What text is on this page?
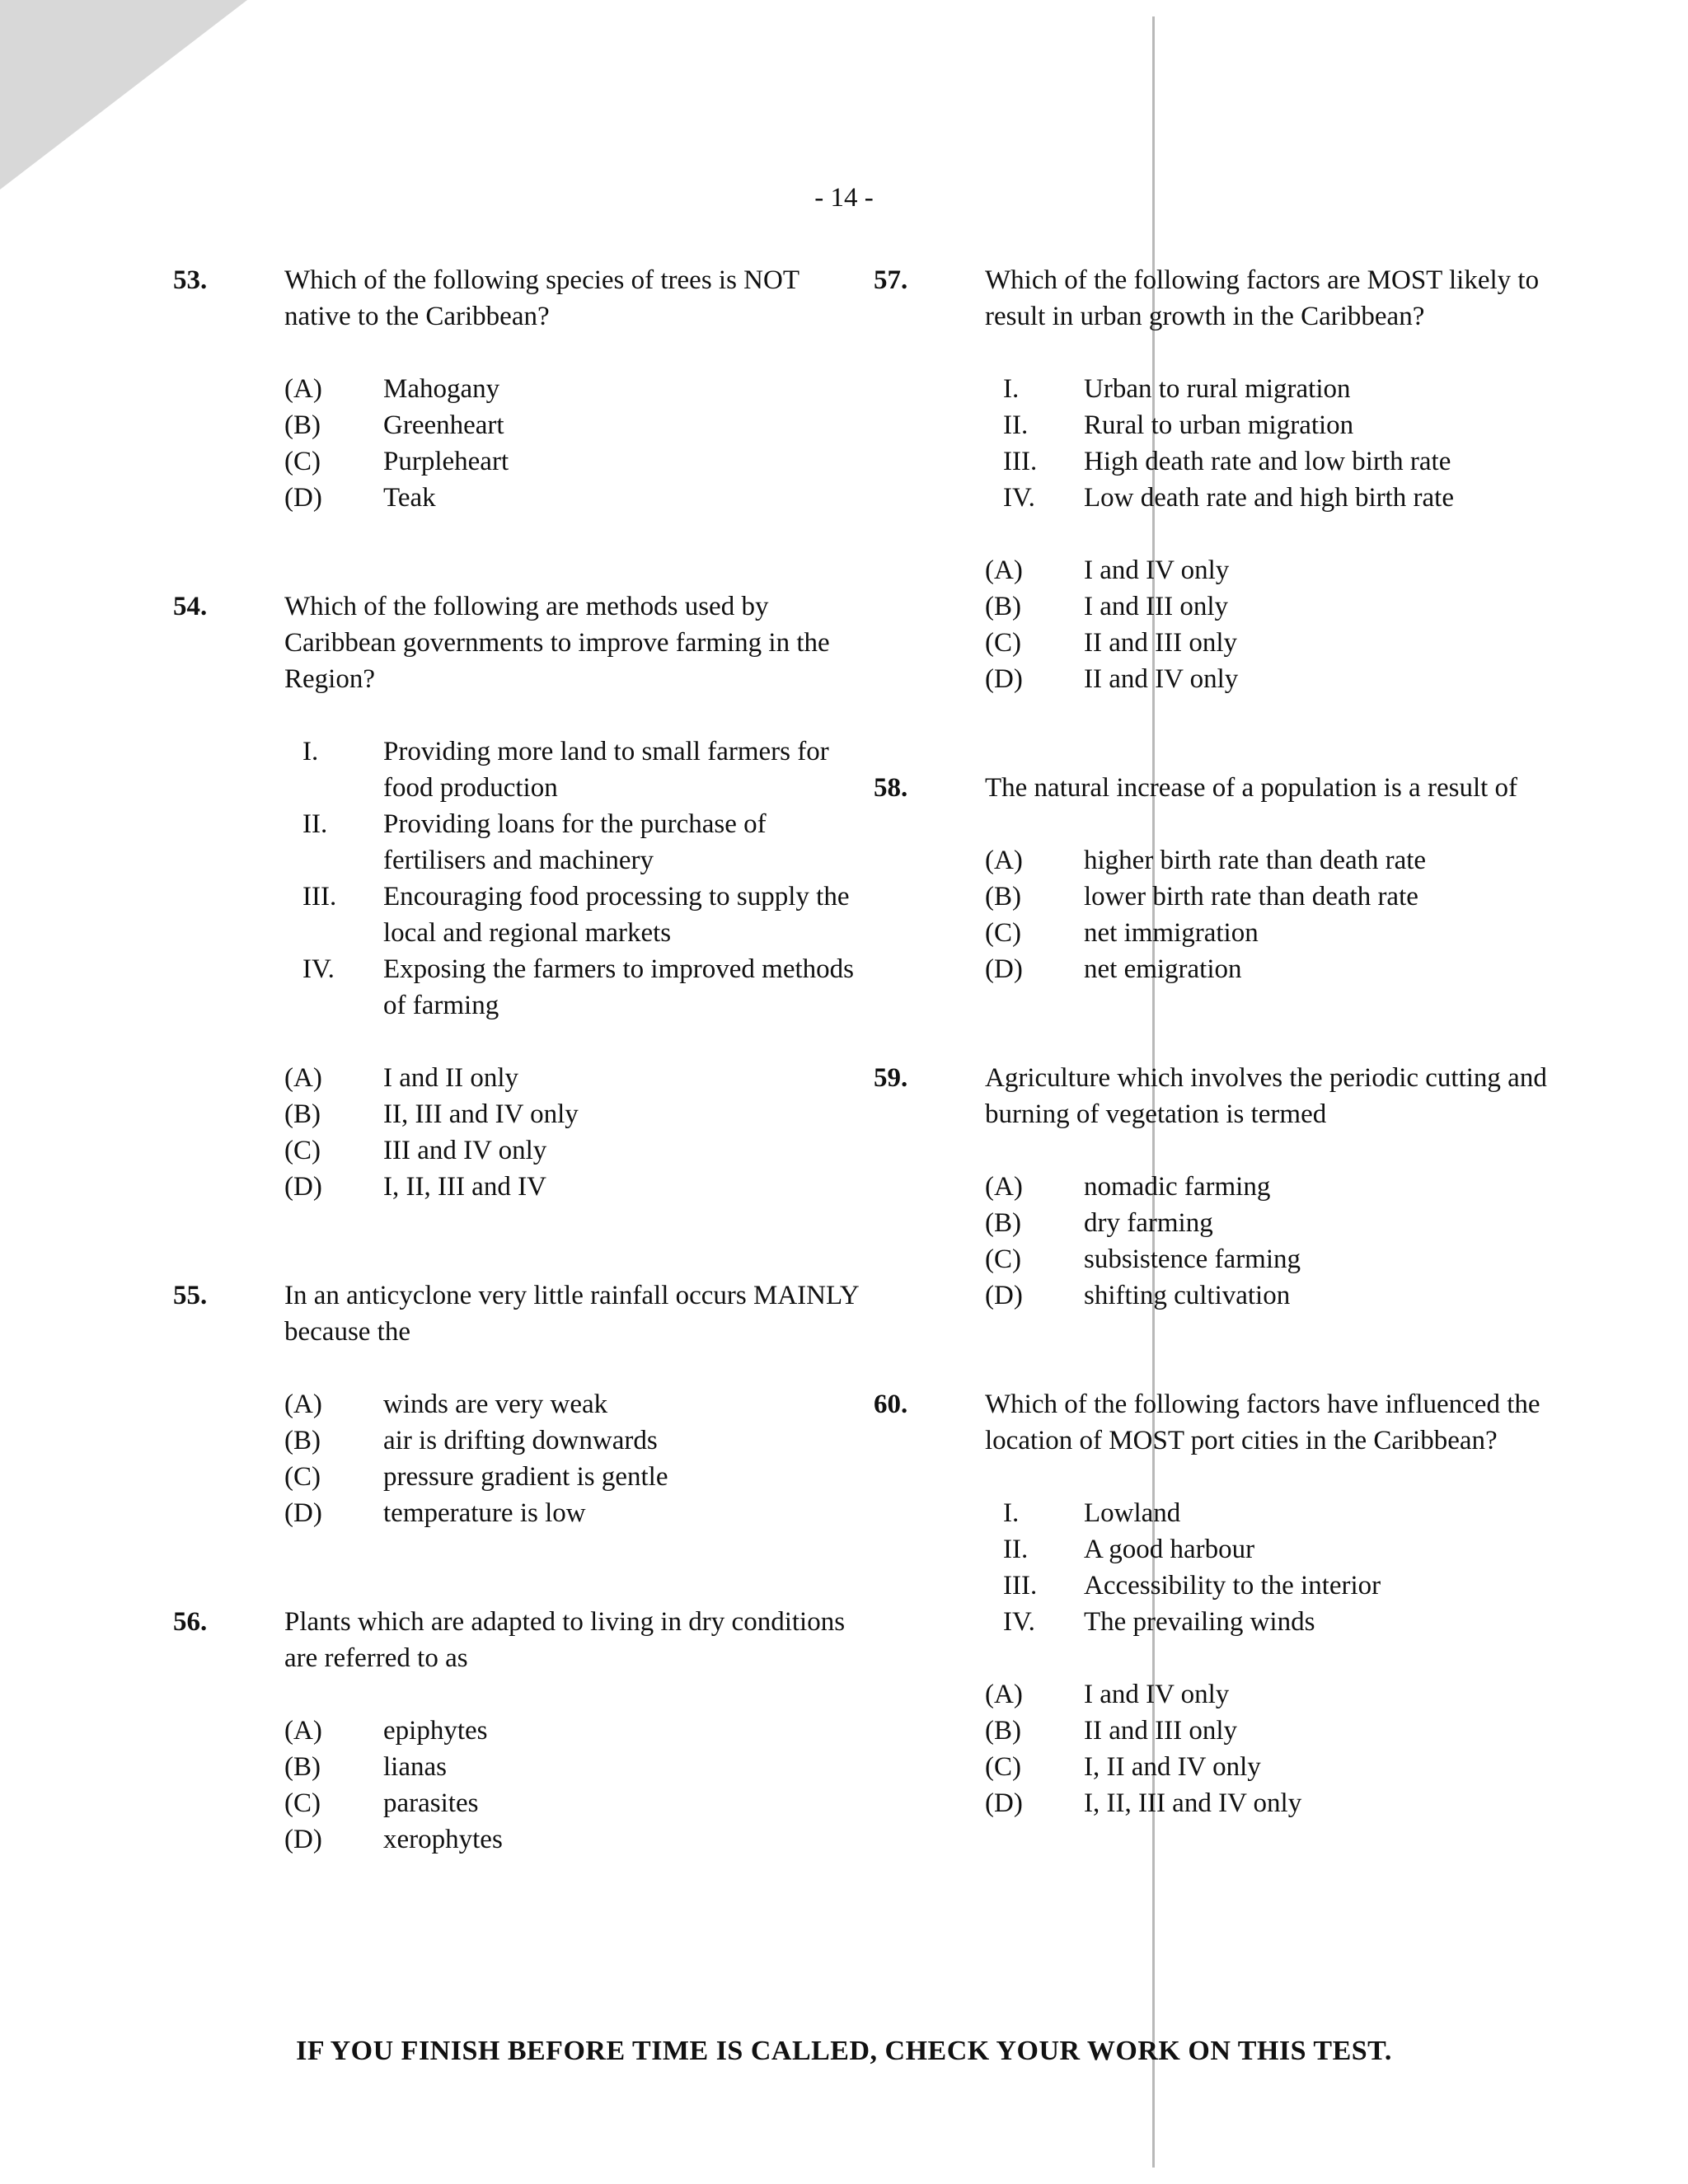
- 14 -
53.	Which of the following species of trees is NOT native to the Caribbean?
(A)	Mahogany
(B)	Greenheart
(C)	Purpleheart
(D)	Teak
54.	Which of the following are methods used by Caribbean governments to improve farming in the Region?
I.	Providing more land to small farmers for food production
II.	Providing loans for the purchase of fertilisers and machinery
III.	Encouraging food processing to supply the local and regional markets
IV.	Exposing the farmers to improved methods of farming
(A)	I and II only
(B)	II, III and IV only
(C)	III and IV only
(D)	I, II, III and IV
55.	In an anticyclone very little rainfall occurs MAINLY because the
(A)	winds are very weak
(B)	air is drifting downwards
(C)	pressure gradient is gentle
(D)	temperature is low
56.	Plants which are adapted to living in dry conditions are referred to as
(A)	epiphytes
(B)	lianas
(C)	parasites
(D)	xerophytes
57.	Which of the following factors are MOST likely to result in urban growth in the Caribbean?
I.	Urban to rural migration
II.	Rural to urban migration
III.	High death rate and low birth rate
IV.	Low death rate and high birth rate
(A)	I and IV only
(B)	I and III only
(C)	II and III only
(D)	II and IV only
58.	The natural increase of a population is a result of
(A)	higher birth rate than death rate
(B)	lower birth rate than death rate
(C)	net immigration
(D)	net emigration
59.	Agriculture which involves the periodic cutting and burning of vegetation is termed
(A)	nomadic farming
(B)	dry farming
(C)	subsistence farming
(D)	shifting cultivation
60.	Which of the following factors have influenced the location of MOST port cities in the Caribbean?
I.	Lowland
II.	A good harbour
III.	Accessibility to the interior
IV.	The prevailing winds
(A)	I and IV only
(B)	II and III only
(C)	I, II and IV only
(D)	I, II, III and IV only
IF YOU FINISH BEFORE TIME IS CALLED, CHECK YOUR WORK ON THIS TEST.
